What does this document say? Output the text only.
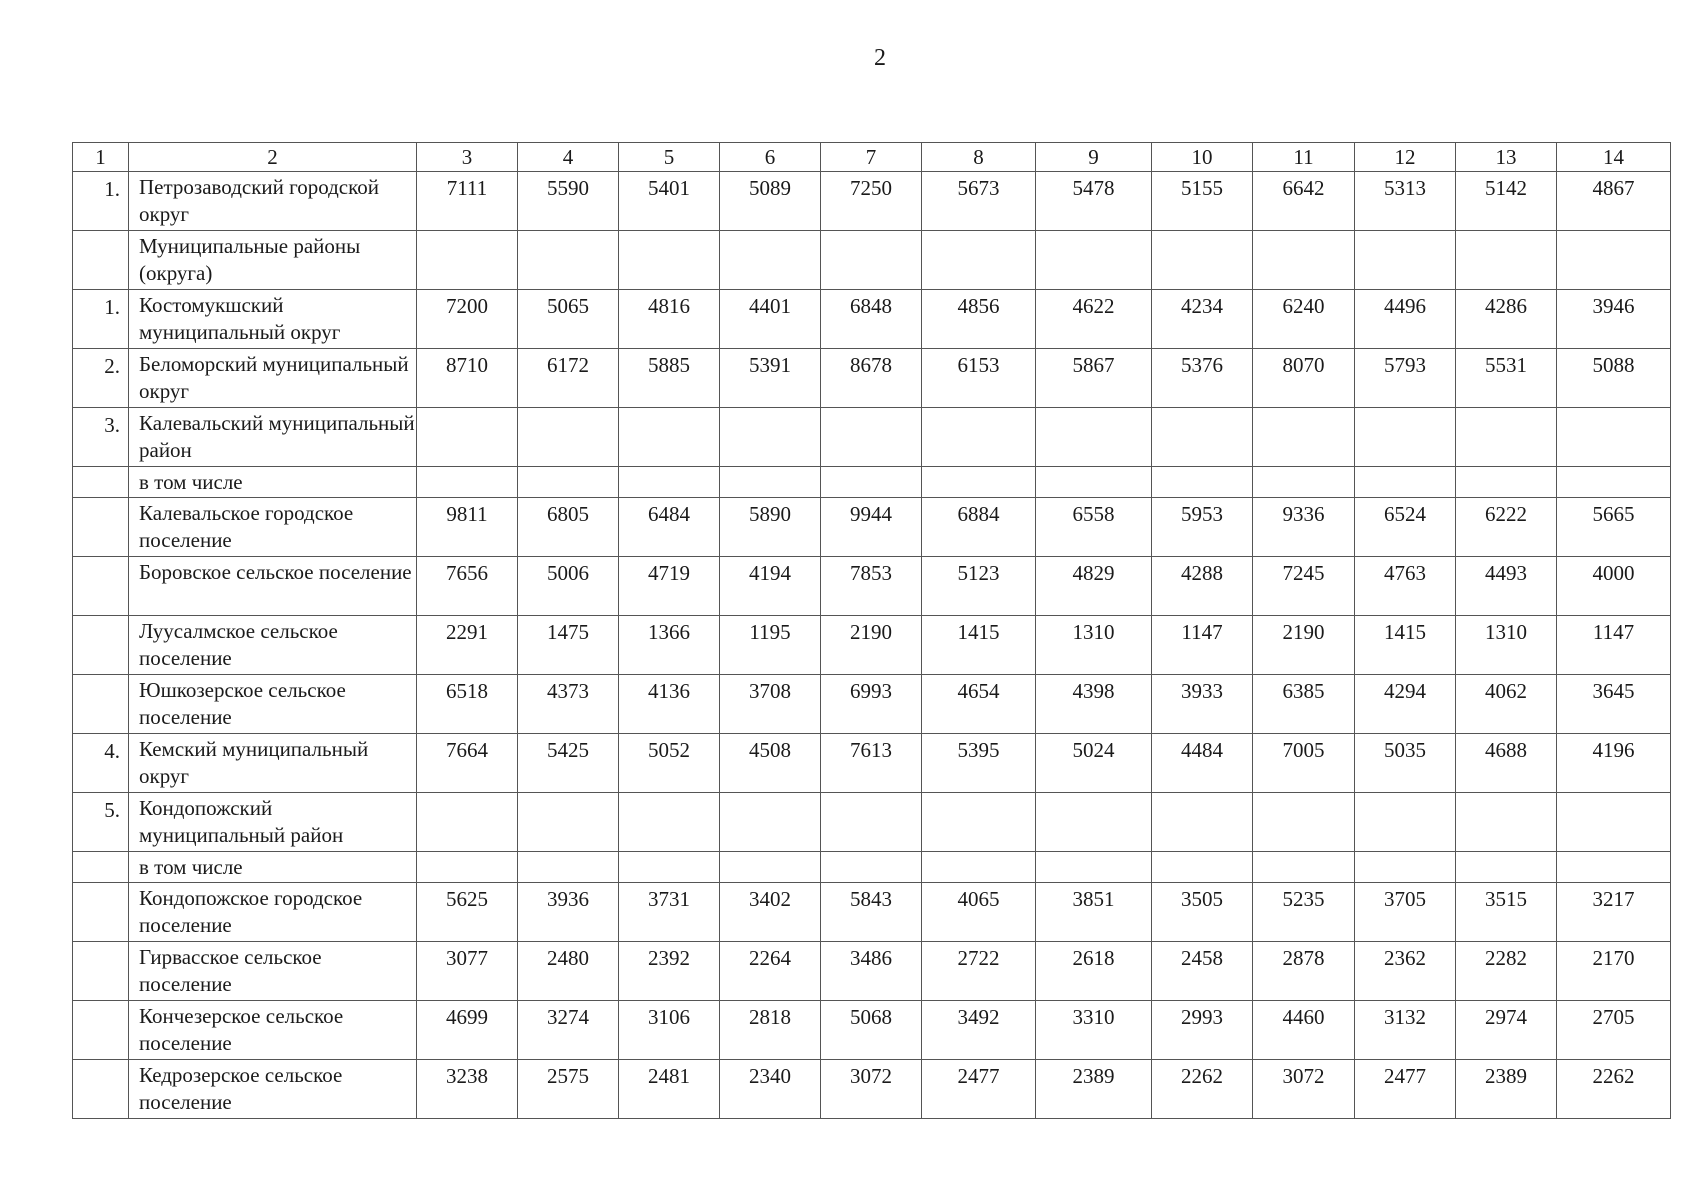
2
1	2	3	4	5	6	7	8	9	10	11	12	13	14
1.	Петрозаводский городской округ	7111	5590	5401	5089	7250	5673	5478	5155	6642	5313	5142	4867
	Муниципальные районы (округа)												
1.	Костомукшский муниципальный округ	7200	5065	4816	4401	6848	4856	4622	4234	6240	4496	4286	3946
2.	Беломорский муниципальный округ	8710	6172	5885	5391	8678	6153	5867	5376	8070	5793	5531	5088
3.	Калевальский муниципальный район												
	в том числе												
	Калевальское городское поселение	9811	6805	6484	5890	9944	6884	6558	5953	9336	6524	6222	5665
	Боровское сельское поселение	7656	5006	4719	4194	7853	5123	4829	4288	7245	4763	4493	4000
	Луусалмское сельское поселение	2291	1475	1366	1195	2190	1415	1310	1147	2190	1415	1310	1147
	Юшкозерское сельское поселение	6518	4373	4136	3708	6993	4654	4398	3933	6385	4294	4062	3645
4.	Кемский муниципальный округ	7664	5425	5052	4508	7613	5395	5024	4484	7005	5035	4688	4196
5.	Кондопожский муниципальный район												
	в том числе												
	Кондопожское городское поселение	5625	3936	3731	3402	5843	4065	3851	3505	5235	3705	3515	3217
	Гирвасское сельское поселение	3077	2480	2392	2264	3486	2722	2618	2458	2878	2362	2282	2170
	Кончезерское сельское поселение	4699	3274	3106	2818	5068	3492	3310	2993	4460	3132	2974	2705
	Кедрозерское сельское поселение	3238	2575	2481	2340	3072	2477	2389	2262	3072	2477	2389	2262
